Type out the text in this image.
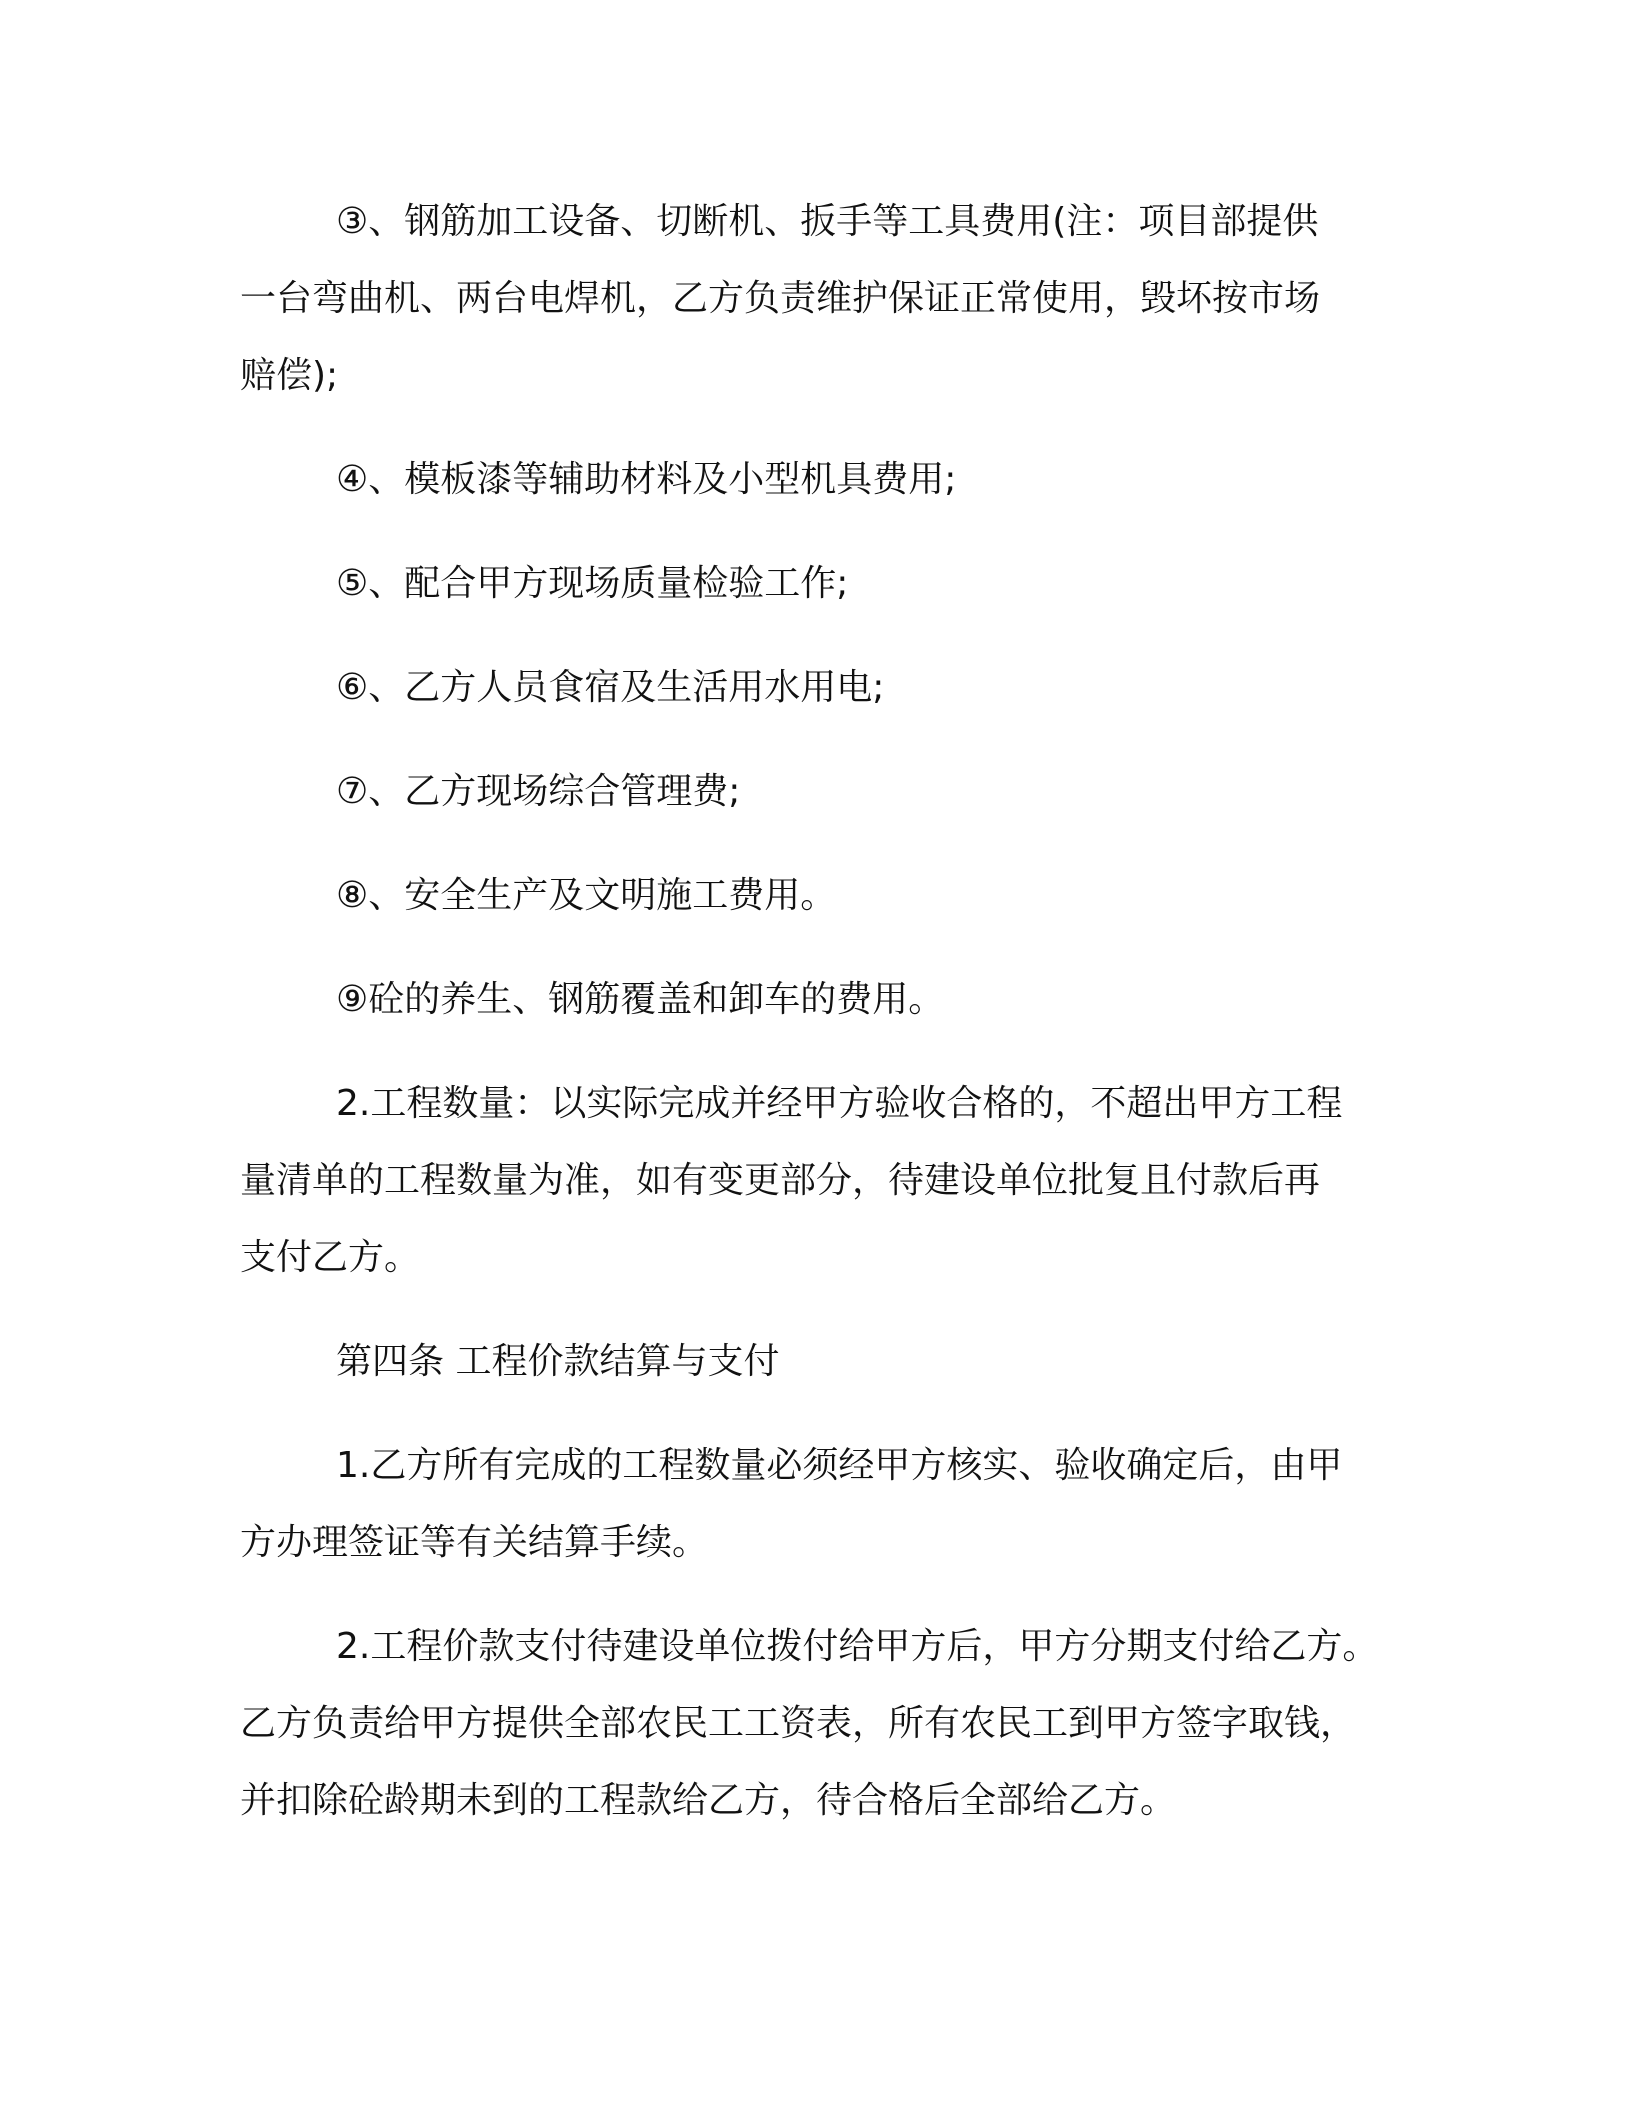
③、钢筋加工设备、切断机、扳手等工具费用(注：项目部提供
一台弯曲机、两台电焊机，乙方负责维护保证正常使用，毁坏按市场
赔偿);

④、模板漆等辅助材料及小型机具费用;

⑤、配合甲方现场质量检验工作;

⑥、乙方人员食宿及生活用水用电;

⑦、乙方现场综合管理费;

⑧、安全生产及文明施工费用。

⑨砼的养生、钢筋覆盖和卸车的费用。

2.工程数量：以实际完成并经甲方验收合格的，不超出甲方工程
量清单的工程数量为准，如有变更部分，待建设单位批复且付款后再
支付乙方。

第四条 工程价款结算与支付

1.乙方所有完成的工程数量必须经甲方核实、验收确定后，由甲
方办理签证等有关结算手续。

2.工程价款支付待建设单位拨付给甲方后，甲方分期支付给乙方。
乙方负责给甲方提供全部农民工工资表，所有农民工到甲方签字取钱，
并扣除砼龄期未到的工程款给乙方，待合格后全部给乙方。
